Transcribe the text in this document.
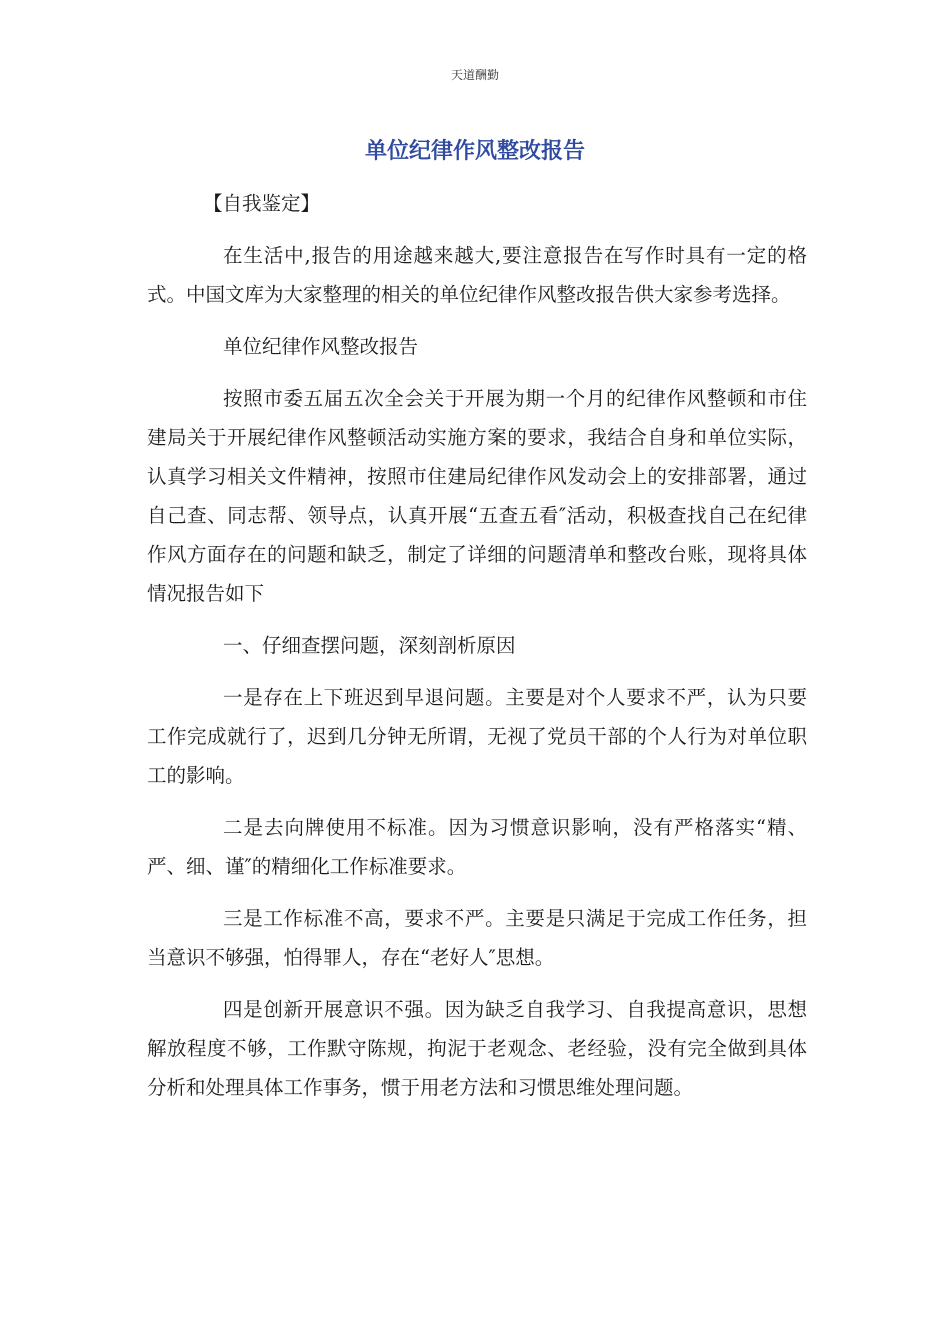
天道酬勤
单位纪律作风整改报告

【自我鉴定】

在生活中,报告的用途越来越大,要注意报告在写作时具有一定的格式。中国文库为大家整理的相关的单位纪律作风整改报告供大家参考选择。

单位纪律作风整改报告

按照市委五届五次全会关于开展为期一个月的纪律作风整顿和市住建局关于开展纪律作风整顿活动实施方案的要求，我结合自身和单位实际，认真学习相关文件精神，按照市住建局纪律作风发动会上的安排部署，通过自己查、同志帮、领导点，认真开展“五查五看″活动，积极查找自己在纪律作风方面存在的问题和缺乏，制定了详细的问题清单和整改台账，现将具体情况报告如下

一、仔细查摆问题，深刻剖析原因

一是存在上下班迟到早退问题。主要是对个人要求不严，认为只要工作完成就行了，迟到几分钟无所谓，无视了党员干部的个人行为对单位职工的影响。

二是去向牌使用不标准。因为习惯意识影响，没有严格落实“精、严、细、谨″的精细化工作标准要求。

三是工作标准不高，要求不严。主要是只满足于完成工作任务，担当意识不够强，怕得罪人，存在“老好人″思想。

四是创新开展意识不强。因为缺乏自我学习、自我提高意识，思想解放程度不够，工作默守陈规，拘泥于老观念、老经验，没有完全做到具体分析和处理具体工作事务，惯于用老方法和习惯思维处理问题。
